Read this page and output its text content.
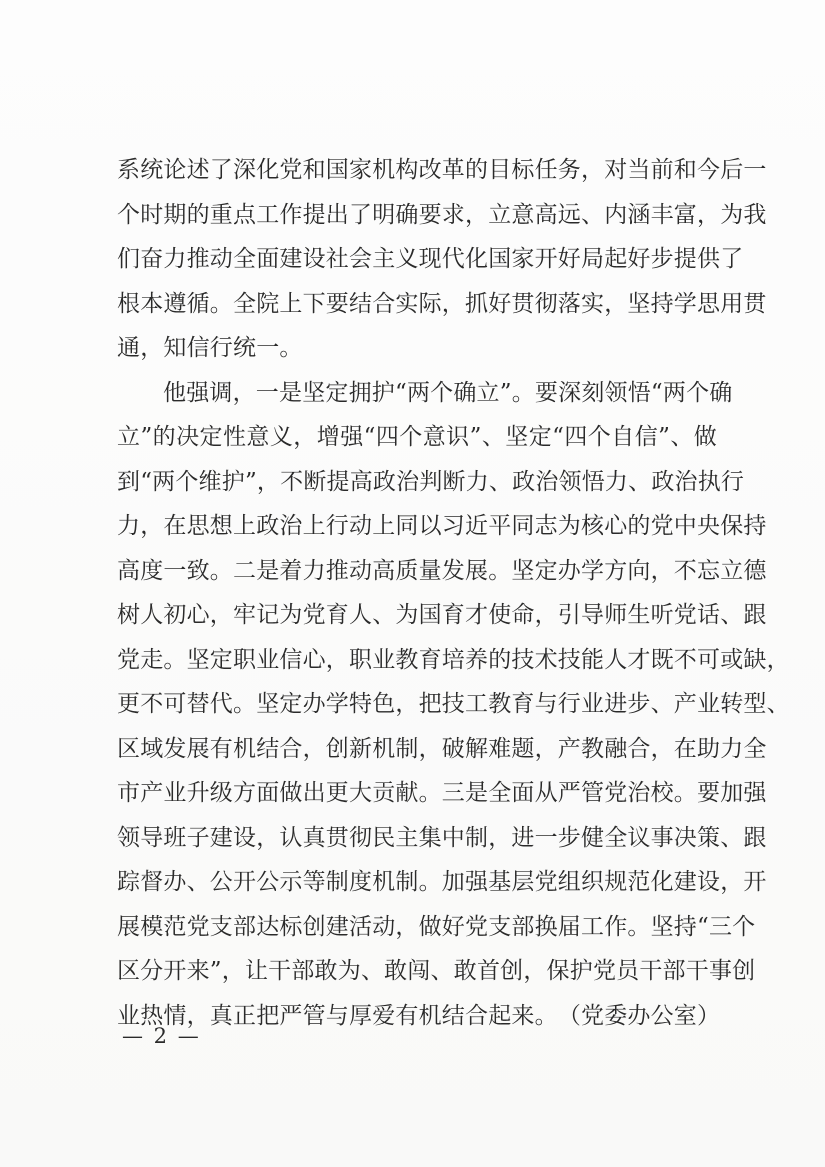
系统论述了深化党和国家机构改革的目标任务，对当前和今后一
个时期的重点工作提出了明确要求，立意高远、内涵丰富，为我
们奋力推动全面建设社会主义现代化国家开好局起好步提供了
根本遵循。全院上下要结合实际，抓好贯彻落实，坚持学思用贯
通，知信行统一。
他强调，一是坚定拥护“两个确立”。要深刻领悟“两个确
立”的决定性意义，增强“四个意识”、坚定“四个自信”、做
到“两个维护”，不断提高政治判断力、政治领悟力、政治执行
力，在思想上政治上行动上同以习近平同志为核心的党中央保持
高度一致。二是着力推动高质量发展。坚定办学方向，不忘立德
树人初心，牢记为党育人、为国育才使命，引导师生听党话、跟
党走。坚定职业信心，职业教育培养的技术技能人才既不可或缺，
更不可替代。坚定办学特色，把技工教育与行业进步、产业转型、
区域发展有机结合，创新机制，破解难题，产教融合，在助力全
市产业升级方面做出更大贡献。三是全面从严管党治校。要加强
领导班子建设，认真贯彻民主集中制，进一步健全议事决策、跟
踪督办、公开公示等制度机制。加强基层党组织规范化建设，开
展模范党支部达标创建活动，做好党支部换届工作。坚持“三个
区分开来”，让干部敢为、敢闯、敢首创，保护党员干部干事创
业热情，真正把严管与厚爱有机结合起来。 （党委办公室）
— 2 —
